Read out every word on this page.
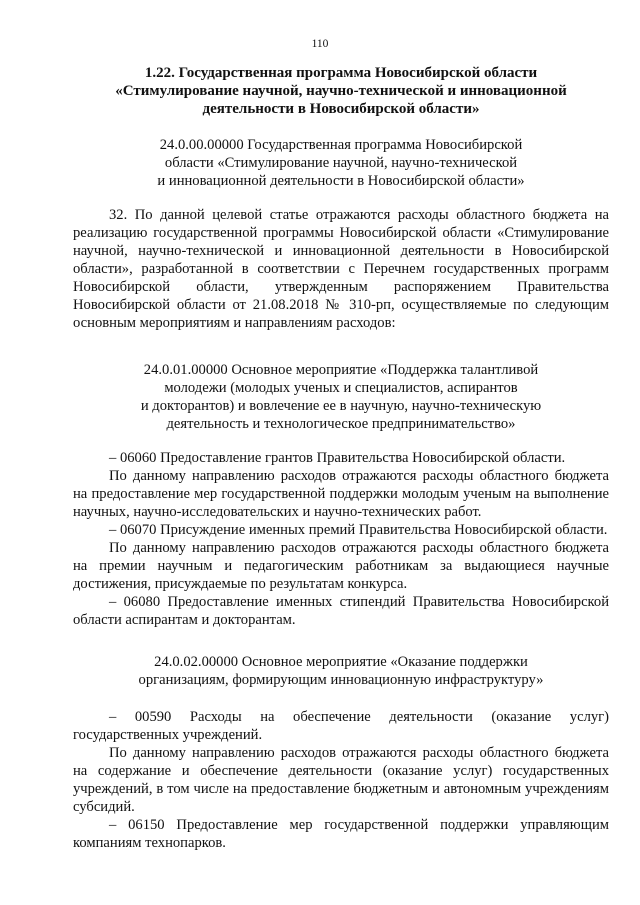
110
1.22. Государственная программа Новосибирской области
«Стимулирование научной, научно-технической и инновационной
деятельности в Новосибирской области»
24.0.00.00000 Государственная программа Новосибирской
области «Стимулирование научной, научно-технической
и инновационной деятельности в Новосибирской области»

32. По данной целевой статье отражаются расходы областного бюджета на реализацию государственной программы Новосибирской области «Стимулирование научной, научно-технической и инновационной деятельности в Новосибирской области», разработанной в соответствии с Перечнем государственных программ Новосибирской области, утвержденным распоряжением Правительства Новосибирской области от 21.08.2018 № 310-рп, осуществляемые по следующим основным мероприятиям и направлениям расходов:

24.0.01.00000 Основное мероприятие «Поддержка талантливой
молодежи (молодых ученых и специалистов, аспирантов
и докторантов) и вовлечение ее в научную, научно-техническую
деятельность и технологическое предпринимательство»

– 06060 Предоставление грантов Правительства Новосибирской области.

По данному направлению расходов отражаются расходы областного бюджета на предоставление мер государственной поддержки молодым ученым на выполнение научных, научно-исследовательских и научно-технических работ.

– 06070 Присуждение именных премий Правительства Новосибирской области.

По данному направлению расходов отражаются расходы областного бюджета на премии научным и педагогическим работникам за выдающиеся научные достижения, присуждаемые по результатам конкурса.

– 06080 Предоставление именных стипендий Правительства Новосибирской области аспирантам и докторантам.

24.0.02.00000 Основное мероприятие «Оказание поддержки
организациям, формирующим инновационную инфраструктуру»

– 00590 Расходы на обеспечение деятельности (оказание услуг) государственных учреждений.

По данному направлению расходов отражаются расходы областного бюджета на содержание и обеспечение деятельности (оказание услуг) государственных учреждений, в том числе на предоставление бюджетным и автономным учреждениям субсидий.

– 06150 Предоставление мер государственной поддержки управляющим компаниям технопарков.
